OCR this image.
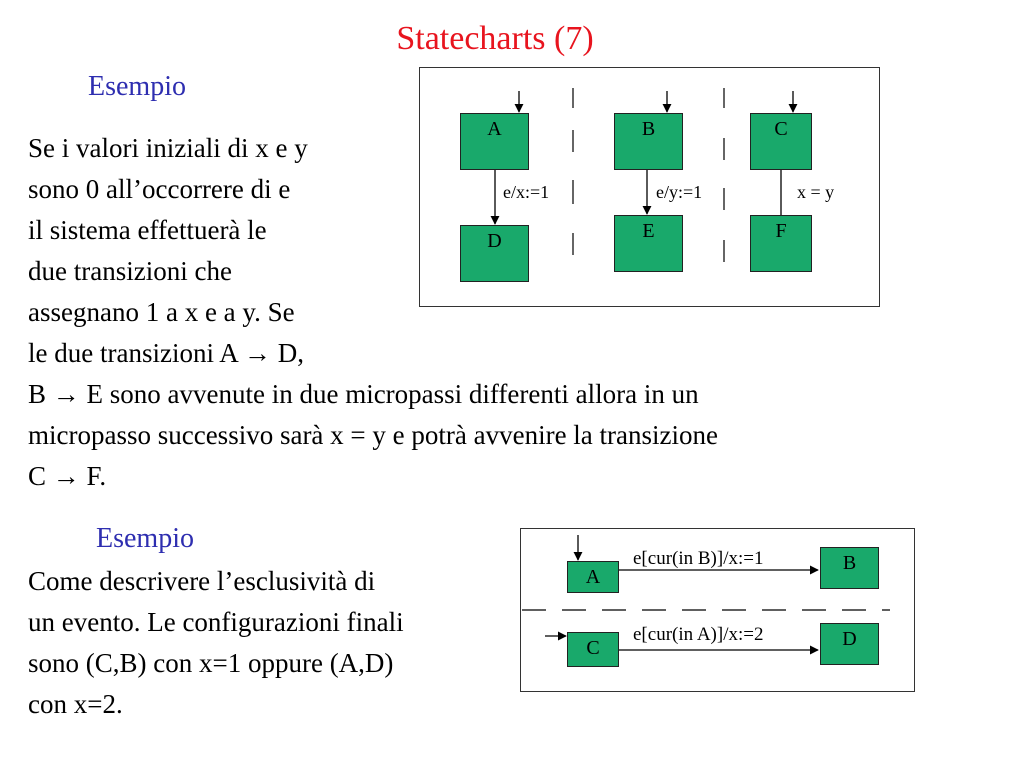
Statecharts (7)
Esempio
Se i valori iniziali di x e y
sono 0 all’occorrere di e
il sistema effettuerà le
due transizioni che
assegnano 1 a x e a y. Se
le due transizioni A → D,
B → E sono avvenute in due micropassi differenti allora in un
micropasso successivo sarà x = y e potrà avvenire la transizione
C → F.
A	B	C
D	E	F
e/x:=1	e/y:=1	x = y
Esempio
Come descrivere l’esclusività di
un evento. Le configurazioni finali
sono (C,B) con x=1 oppure (A,D)
con x=2.
A
B
C	D
e[cur(in B)]/x:=1
e[cur(in A)]/x:=2
